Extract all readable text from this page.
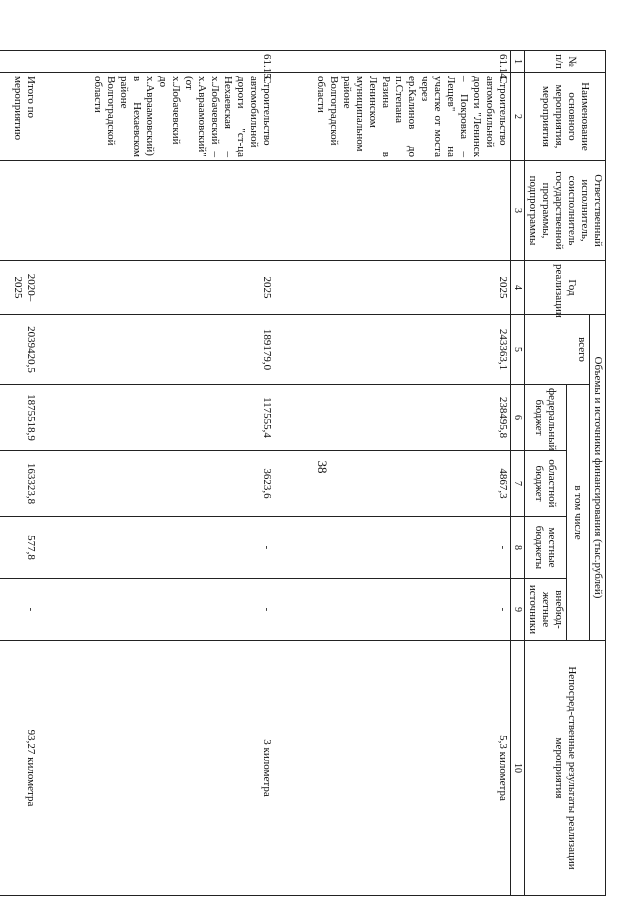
38
№ п/п	Наименование основного мероприятия, мероприятия	Ответственный исполнитель, соисполнитель государственной программы, подпрограммы	Год реализации	Объемы и источники финансирования (тыс.рублей)					Непосред-ственные результаты реализации мероприятия
				всего	в том числе				
					федеральный бюджет	областной бюджет	местные бюджеты	внебюд-жетные источники	
1	2	3	4	5	6	7	8	9	10
61.14.	Строительство автомобильной дороги "Ленинск – Покровка – Лещев" на участке от моста через ер.Калинов до п.Степана Разина в Ленинском муниципальном районе Волгоградской области		2025	243363,1	238495,8	4867,3	-	-	5,3 километра
61.15.	Строительство автомобильной дороги "ст-ца Нехаевская – х.Лобачевский – х.Авраамовский" (от х.Лобачевский до х.Авраамовский) в Нехаевском районе Волгоградской области		2025	189179,0	117555,4	3623,6	-	-	3 километра
	Итого по мероприятию		2020–2025	2039420,5	1875518,9	163323,8	577,8	-	93,27 километра
